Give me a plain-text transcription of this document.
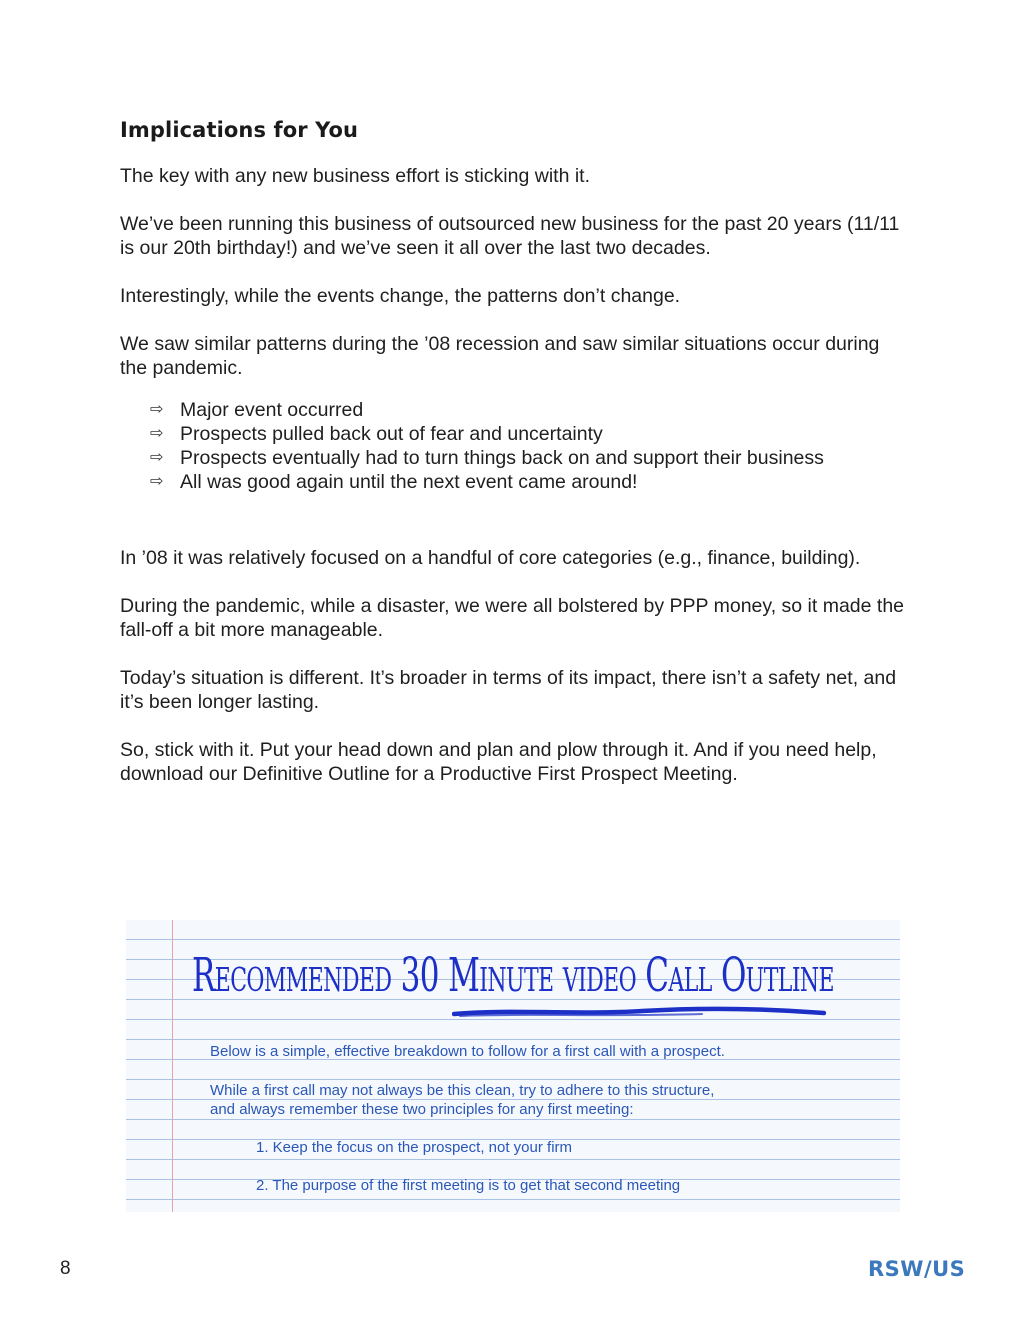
Implications for You

The key with any new business effort is sticking with it.

We’ve been running this business of outsourced new business for the past 20 years (11/11 is our 20th birthday!) and we’ve seen it all over the last two decades.

Interestingly, while the events change, the patterns don’t change.

We saw similar patterns during the ’08 recession and saw similar situations occur during the pandemic.

⇨ Major event occurred
⇨ Prospects pulled back out of fear and uncertainty
⇨ Prospects eventually had to turn things back on and support their business
⇨ All was good again until the next event came around!

In ’08 it was relatively focused on a handful of core categories (e.g., finance, building).

During the pandemic, while a disaster, we were all bolstered by PPP money, so it made the fall-off a bit more manageable.

Today’s situation is different. It’s broader in terms of its impact, there isn’t a safety net, and it’s been longer lasting.

So, stick with it. Put your head down and plan and plow through it. And if you need help, download our Definitive Outline for a Productive First Prospect Meeting.

Recommended 30 Minute video Call Outline
Below is a simple, effective breakdown to follow for a first call with a prospect.
While a first call may not always be this clean, try to adhere to this structure,
and always remember these two principles for any first meeting:
1. Keep the focus on the prospect, not your firm
2. The purpose of the first meeting is to get that second meeting
8	RSW/US
